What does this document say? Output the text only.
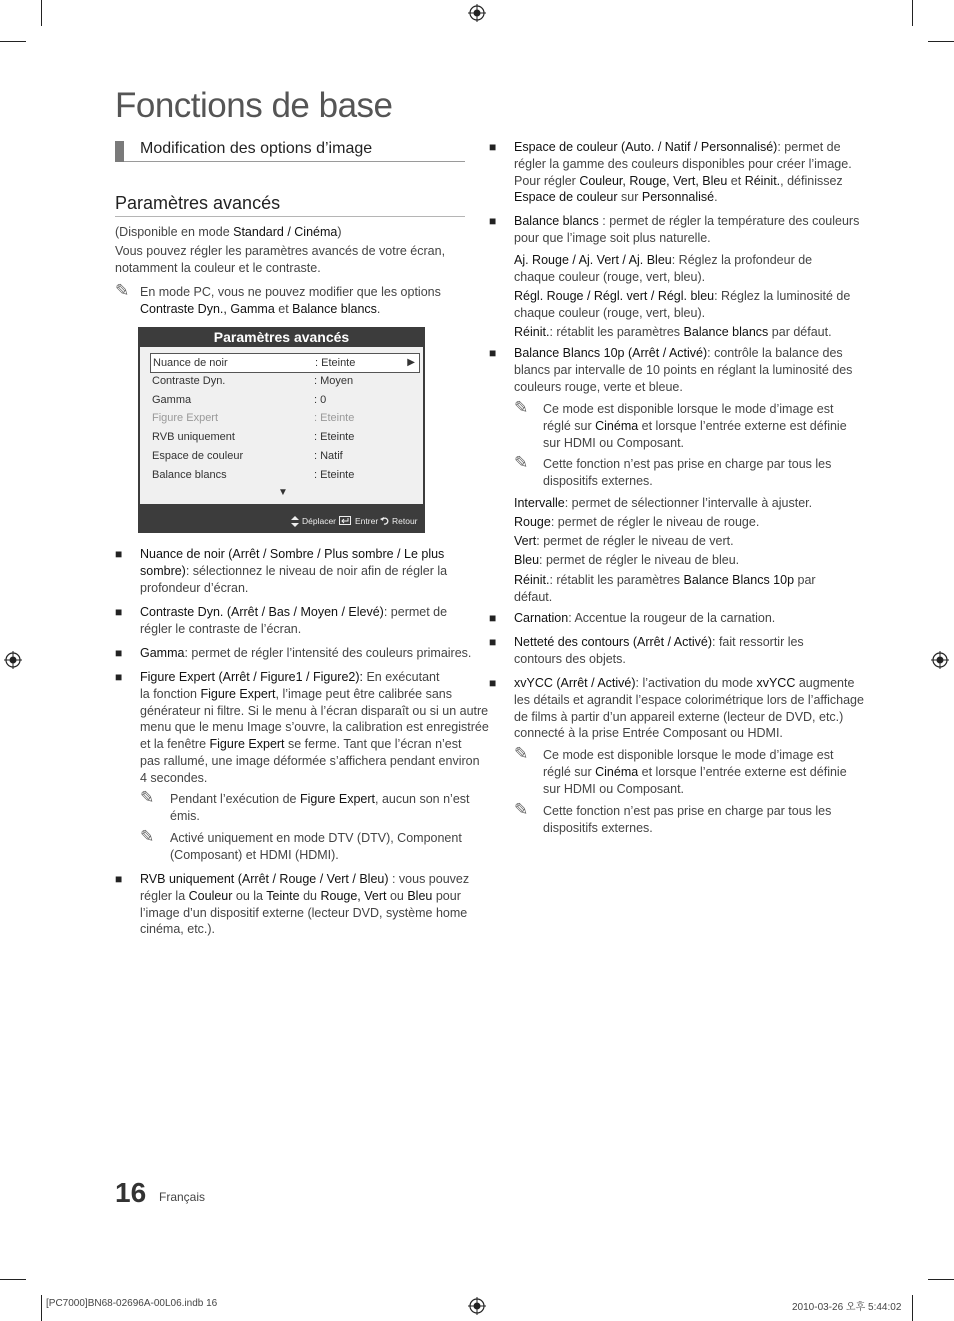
Fonctions de base
Modification des options d’image
Paramètres avancés
(Disponible en mode Standard / Cinéma)
Vous pouvez régler les paramètres avancés de votre écran,
notamment la couleur et le contraste.
✎ En mode PC, vous ne pouvez modifier que les options
Contraste Dyn., Gamma et Balance blancs.
Paramètres avancés
Nuance de noir	: Eteinte	▶
Contraste Dyn.	: Moyen
Gamma	: 0
Figure Expert	: Eteinte
RVB uniquement	: Eteinte
Espace de couleur	: Natif
Balance blancs	: Eteinte
▼
Déplacer Entrer Retour
■ Nuance de noir (Arrêt / Sombre / Plus sombre / Le plus
sombre): sélectionnez le niveau de noir afin de régler la
profondeur d’écran.
■ Contraste Dyn. (Arrêt / Bas / Moyen / Elevé): permet de
régler le contraste de l’écran.
■ Gamma: permet de régler l’intensité des couleurs primaires.
■ Figure Expert (Arrêt / Figure1 / Figure2): En exécutant
la fonction Figure Expert, l’image peut être calibrée sans
générateur ni filtre. Si le menu à l’écran disparaît ou si un autre
menu que le menu Image s’ouvre, la calibration est enregistrée
et la fenêtre Figure Expert se ferme. Tant que l’écran n’est
pas rallumé, une image déformée s’affichera pendant environ
4 secondes.
✎ Pendant l’exécution de Figure Expert, aucun son n’est
émis.
✎ Activé uniquement en mode DTV (DTV), Component
(Composant) et HDMI (HDMI).
■ RVB uniquement (Arrêt / Rouge / Vert / Bleu) : vous pouvez
régler la Couleur ou la Teinte du Rouge, Vert ou Bleu pour
l’image d’un dispositif externe (lecteur DVD, système home
cinéma, etc.).
■ Espace de couleur (Auto. / Natif / Personnalisé): permet de
régler la gamme des couleurs disponibles pour créer l’image.
Pour régler Couleur, Rouge, Vert, Bleu et Réinit., définissez
Espace de couleur sur Personnalisé.
■ Balance blancs : permet de régler la température des couleurs
pour que l’image soit plus naturelle.
Aj. Rouge / Aj. Vert / Aj. Bleu: Réglez la profondeur de
chaque couleur (rouge, vert, bleu).
Régl. Rouge / Régl. vert / Régl. bleu: Réglez la luminosité de
chaque couleur (rouge, vert, bleu).
Réinit.: rétablit les paramètres Balance blancs par défaut.
■ Balance Blancs 10p (Arrêt / Activé): contrôle la balance des
blancs par intervalle de 10 points en réglant la luminosité des
couleurs rouge, verte et bleue.
✎ Ce mode est disponible lorsque le mode d’image est
réglé sur Cinéma et lorsque l’entrée externe est définie
sur HDMI ou Composant.
✎ Cette fonction n’est pas prise en charge par tous les
dispositifs externes.
Intervalle: permet de sélectionner l’intervalle à ajuster.
Rouge: permet de régler le niveau de rouge.
Vert: permet de régler le niveau de vert.
Bleu: permet de régler le niveau de bleu.
Réinit.: rétablit les paramètres Balance Blancs 10p par
défaut.
■ Carnation: Accentue la rougeur de la carnation.
■ Netteté des contours (Arrêt / Activé): fait ressortir les
contours des objets.
■ xvYCC (Arrêt / Activé): l’activation du mode xvYCC augmente
les détails et agrandit l’espace colorimétrique lors de l’affichage
de films à partir d’un appareil externe (lecteur de DVD, etc.)
connecté à la prise Entrée Composant ou HDMI.
✎ Ce mode est disponible lorsque le mode d’image est
réglé sur Cinéma et lorsque l’entrée externe est définie
sur HDMI ou Composant.
✎ Cette fonction n’est pas prise en charge par tous les
dispositifs externes.
16 Français
[PC7000]BN68-02696A-00L06.indb 16	2010-03-26 오후 5:44:02
